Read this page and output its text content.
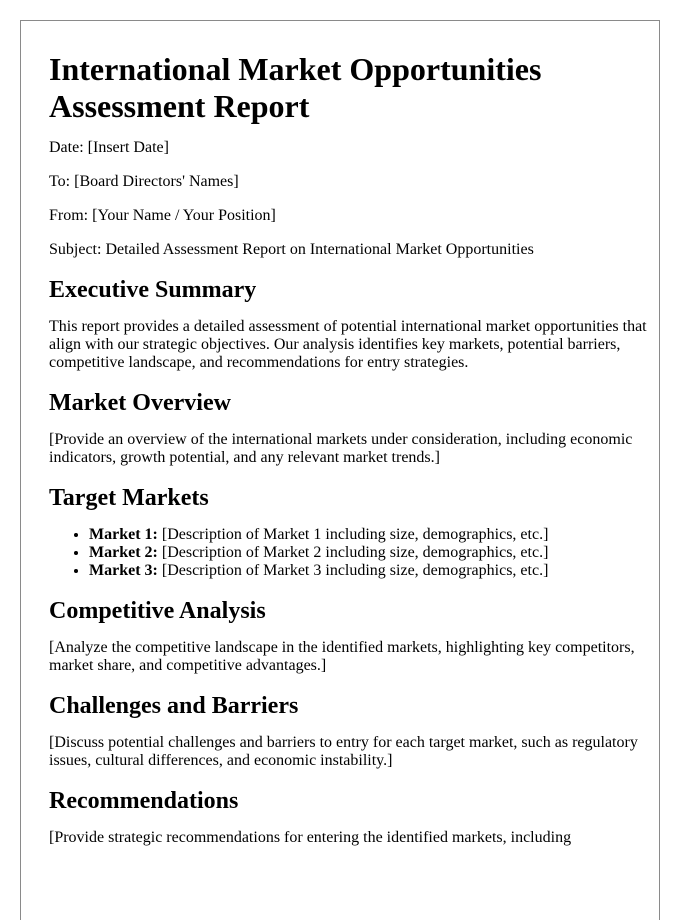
International Market Opportunities Assessment Report

Date: [Insert Date]

To: [Board Directors' Names]

From: [Your Name / Your Position]

Subject: Detailed Assessment Report on International Market Opportunities

Executive Summary

This report provides a detailed assessment of potential international market opportunities that align with our strategic objectives. Our analysis identifies key markets, potential barriers, competitive landscape, and recommendations for entry strategies.

Market Overview

[Provide an overview of the international markets under consideration, including economic indicators, growth potential, and any relevant market trends.]

Target Markets
• Market 1: [Description of Market 1 including size, demographics, etc.]
• Market 2: [Description of Market 2 including size, demographics, etc.]
• Market 3: [Description of Market 3 including size, demographics, etc.]
Competitive Analysis

[Analyze the competitive landscape in the identified markets, highlighting key competitors, market share, and competitive advantages.]

Challenges and Barriers

[Discuss potential challenges and barriers to entry for each target market, such as regulatory issues, cultural differences, and economic instability.]

Recommendations

[Provide strategic recommendations for entering the identified markets, including
